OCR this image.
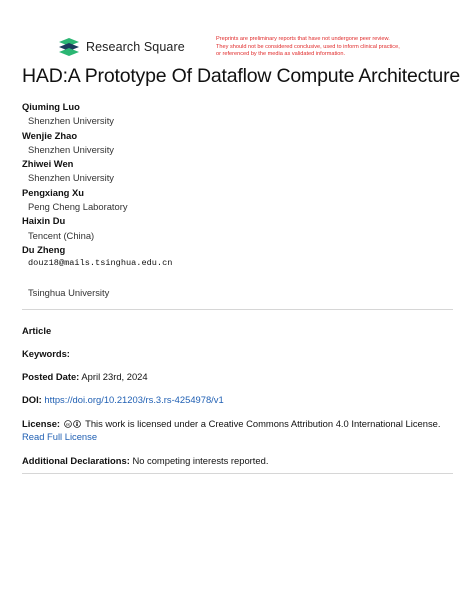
Research Square
Preprints are preliminary reports that have not undergone peer review.
They should not be considered conclusive, used to inform clinical practice,
or referenced by the media as validated information.
HAD:A Prototype Of Dataflow Compute Architecture
Qiuming Luo
Shenzhen University
Wenjie Zhao
Shenzhen University
Zhiwei Wen
Shenzhen University
Pengxiang Xu
Peng Cheng Laboratory
Haixin Du
Tencent (China)
Du Zheng
douz18@mails.tsinghua.edu.cn
Tsinghua University
Article
Keywords:
Posted Date: April 23rd, 2024
DOI: https://doi.org/10.21203/rs.3.rs-4254978/v1
License: cc This work is licensed under a Creative Commons Attribution 4.0 International License.
Read Full License
Additional Declarations: No competing interests reported.
